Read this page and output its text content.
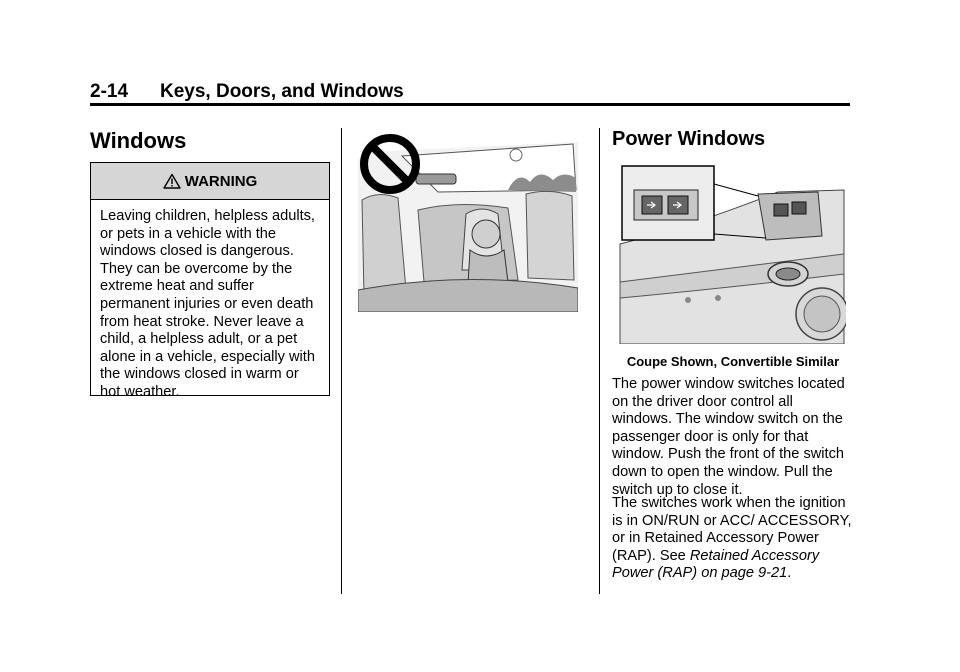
2-14 Keys, Doors, and Windows
Windows
WARNING
Leaving children, helpless adults, or pets in a vehicle with the windows closed is dangerous. They can be overcome by the extreme heat and suffer permanent injuries or even death from heat stroke. Never leave a child, a helpless adult, or a pet alone in a vehicle, especially with the windows closed in warm or hot weather.
Power Windows
Coupe Shown, Convertible Similar

The power window switches located on the driver door control all windows. The window switch on the passenger door is only for that window. Push the front of the switch down to open the window. Pull the switch up to close it.

The switches work when the ignition is in ON/RUN or ACC/ ACCESSORY, or in Retained Accessory Power (RAP). See Retained Accessory Power (RAP) on page 9-21.
